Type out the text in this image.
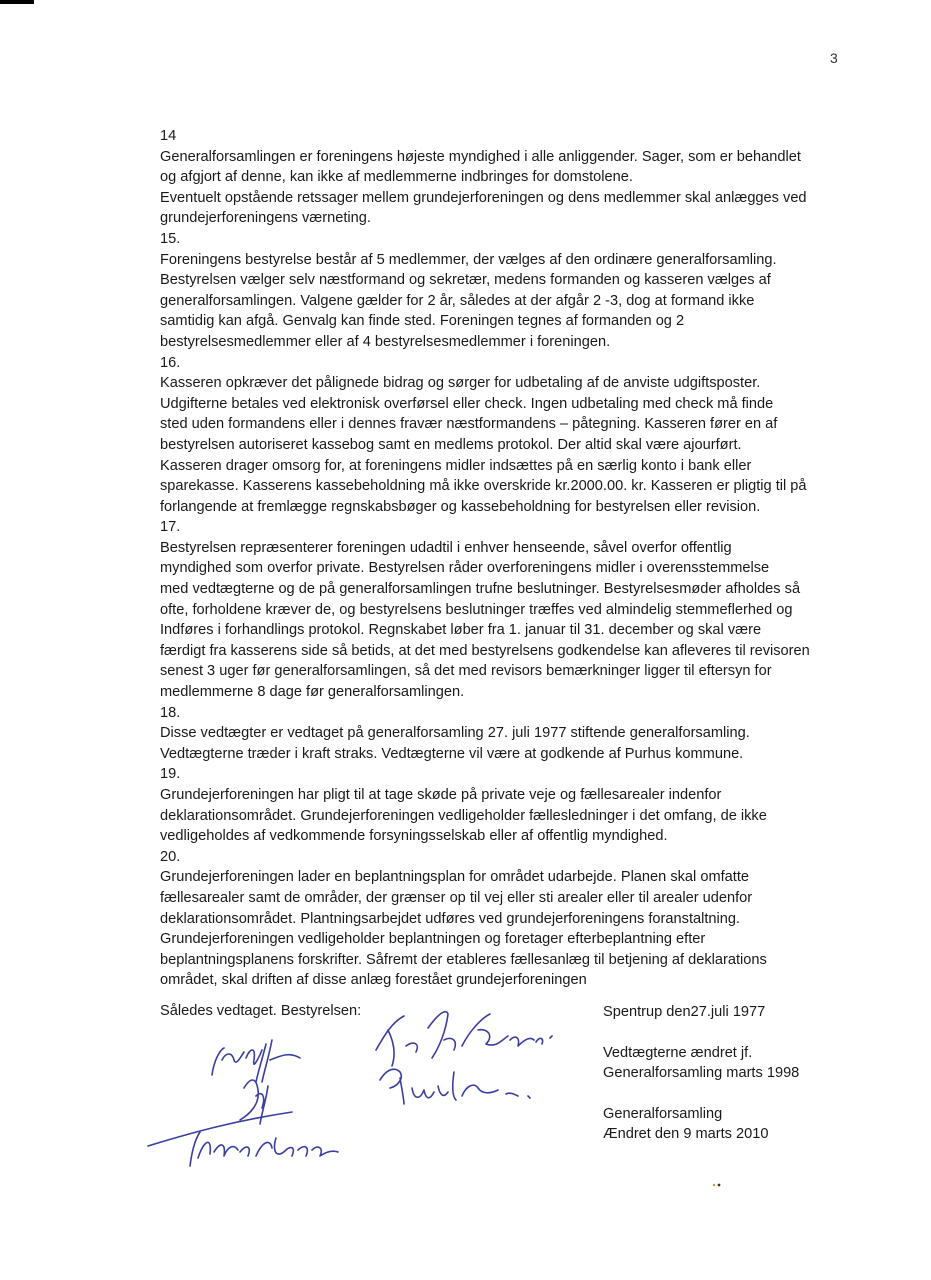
3
14
Generalforsamlingen er foreningens højeste myndighed i alle anliggender. Sager, som er behandlet
og afgjort af denne, kan ikke af medlemmerne indbringes for domstolene.
Eventuelt opstående retssager mellem grundejerforeningen og dens medlemmer skal anlægges ved
grundejerforeningens værneting.
15.
Foreningens bestyrelse består af 5 medlemmer, der vælges af den ordinære generalforsamling.
Bestyrelsen vælger selv næstformand og sekretær, medens formanden og kasseren vælges af
generalforsamlingen. Valgene gælder for 2 år, således at der afgår 2 -3, dog at formand ikke
samtidig kan afgå. Genvalg kan finde sted. Foreningen tegnes af formanden og 2
bestyrelsesmedlemmer eller af 4 bestyrelsesmedlemmer i foreningen.
16.
Kasseren opkræver det pålignede bidrag og sørger for udbetaling af de anviste udgiftsposter.
Udgifterne betales ved elektronisk overførsel eller check. Ingen udbetaling med check må finde
sted uden formandens eller i dennes fravær næstformandens – påtegning. Kasseren fører en af
bestyrelsen autoriseret kassebog samt en medlems protokol. Der altid skal være ajourført.
Kasseren drager omsorg for, at foreningens midler indsættes på en særlig konto i bank eller
sparekasse. Kasserens kassebeholdning må ikke overskride kr.2000.00. kr. Kasseren er pligtig til på
forlangende at fremlægge regnskabsbøger og kassebeholdning for bestyrelsen eller revision.
17.
Bestyrelsen repræsenterer foreningen udadtil i enhver henseende, såvel overfor offentlig
myndighed som overfor private. Bestyrelsen råder overforeningens midler i overensstemmelse
med vedtægterne og de på generalforsamlingen trufne beslutninger. Bestyrelsesmøder afholdes så
ofte, forholdene kræver de, og bestyrelsens beslutninger træffes ved almindelig stemmeflerhed og
Indføres i forhandlings protokol. Regnskabet løber fra 1. januar til 31. december og skal være
færdigt fra kasserens side så betids, at det med bestyrelsens godkendelse kan afleveres til revisoren
senest 3 uger før generalforsamlingen, så det med revisors bemærkninger ligger til eftersyn for
medlemmerne 8 dage før generalforsamlingen.
18.
Disse vedtægter er vedtaget på generalforsamling 27. juli 1977 stiftende generalforsamling.
Vedtægterne træder i kraft straks. Vedtægterne vil være at godkende af Purhus kommune.
19.
Grundejerforeningen har pligt til at tage skøde på private veje og fællesarealer indenfor
deklarationsområdet. Grundejerforeningen vedligeholder fællesledninger i det omfang, de ikke
vedligeholdes af vedkommende forsyningsselskab eller af offentlig myndighed.
20.
Grundejerforeningen lader en beplantningsplan for området udarbejde. Planen skal omfatte
fællesarealer samt de områder, der grænser op til vej eller sti arealer eller til arealer udenfor
deklarationsområdet. Plantningsarbejdet udføres ved grundejerforeningens foranstaltning.
Grundejerforeningen vedligeholder beplantningen og foretager efterbeplantning efter
beplantningsplanens forskrifter. Såfremt der etableres fællesanlæg til betjening af deklarations
området, skal driften af disse anlæg forestået grundejerforeningen
Således vedtaget. Bestyrelsen:	Spentrup den27.juli 1977
Vedtægterne ændret jf.
Generalforsamling marts 1998
Generalforsamling
Ændret den 9 marts 2010
